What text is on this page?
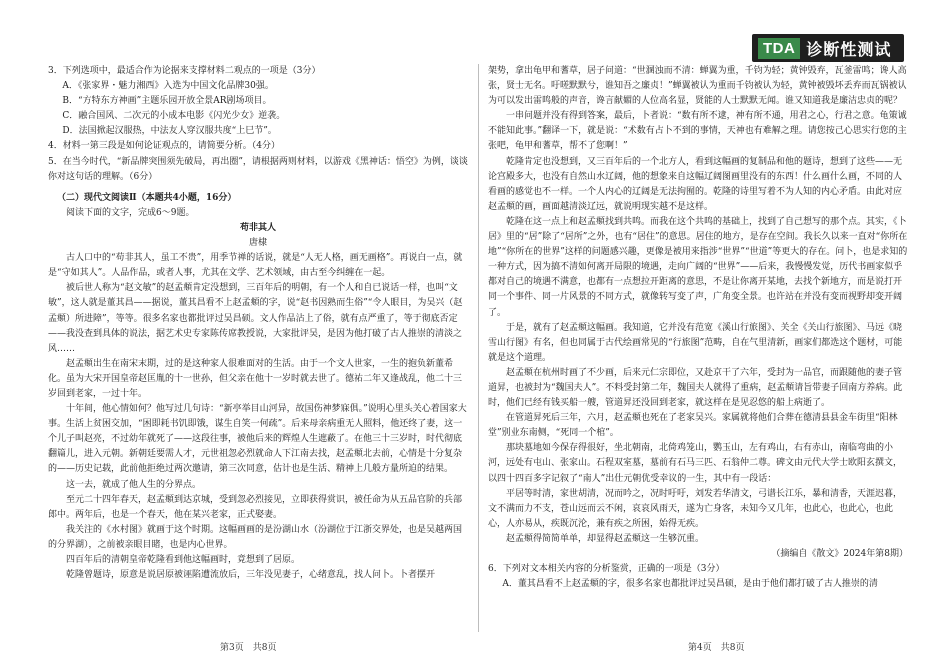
TDA 诊断性测试

3．下列选项中，最适合作为论据来支撑材料二观点的一项是（3分）

A．《张家界・魅力湘西》入选为中国文化品牌30强。

B．“方特东方神画”主题乐园开放全景AR剧场项目。

C．融合国风、二次元的小成本电影《闪光少女》逆袭。

D．法国掀起汉服热，中法友人穿汉服共度“上巳节”。

4．材料一第三段是如何论证观点的，请简要分析。（4分）

5．在当今时代，“新品牌突围须先破局，再出圈”，请根据两则材料，以游戏《黑神话：悟空》为例，谈谈你对这句话的理解。（6分）

（二）现代文阅读Ⅱ（本题共4小题，16分）

阅读下面的文字，完成6～9题。

苟非其人

唐棣

古人口中的“苟非其人，虽工不贵”，用季节禅的话说，就是“人无人格，画无画格”。再说白一点，就是“守如其人”。人品作品，或者人事，尤其在文学、艺术领域，由古至今纠缠在一起。

被后世人称为“赵文敏”的赵孟頫肯定没想到，三百年后的明朝，有一个人和自已说话一样，也叫“文敏”，这人就是董其昌——据说，董其昌看不上赵孟頫的字，说“赵书因熟而生俗”“令人眼目，为吴兴（赵孟頫）所进障”，等等。很多名家也都批评过吴昌硕。文人作品沾上了俗，就有点严重了，等于彻底否定——我没查到具体的说法，据艺术史专家陈传席教授说，大家批评吴，是因为他打破了古人推崇的清淡之风……

赵孟頫出生在南宋末期，过的是这种家人很难面对的生活。由于一个文人世家，一生的抱负新董希化。虽为大宋开国皇帝赵匡胤的十一世孙，但父亲在他十一岁时就去世了。德祐二年又逢战乱，他二十三岁回到老家，一过十年。

十年间，他心情如何？他写过几句诗：“新亭举目山河异，故国伤神梦寐俱。”说明心里头关心着国家大事。生活上贫困交加，“困即耗书饥即饿，谋生自笑一何疏”。后来母亲病重无人照料，他还终了妻，这一个儿子叫赵亮，不过幼年就死了——这段往事，被他后来的辉煌人生遮蔽了。在他三十三岁时，时代彻底翻篇儿，进入元朝。新朝廷要需人才，元世祖忽必烈就命人下江南去找，赵孟頫北去前，心情是十分复杂的——历史记载，此前他拒绝过两次邀请，第三次同意，估计也是生活、精神上几般方量所迫的结果。

这一去，就成了他人生的分界点。

至元二十四年春天，赵孟頫到达京城，受到忽必烈接见，立即获得赏识，被任命为从五品官阶的兵部郎中。两年后，也是一个春天，他在某兴老家，正式娶妻。

我关注的《水村图》就画于这个时期。这幅画画的是汾湖山水（汾湖位于江浙交界处，也是吴越两国的分界湖），之前被亲眼目睹，也是内心世界。

四百年后的清朝皇帝乾隆看到他这幅画时，竟想到了居原。

乾隆曾题诗，原意是说居原被诬陷遭流放后，三年没见妻子，心绪意乱，找人问卜。卜者摆开

架势，拿出龟甲和蓍草，居子问道：“世溷浊而不清：蝉翼为重，千钧为轻；黄钟毁弃，瓦釜雷鸣；谗人高张，贤士无名。吁嗟默默兮，谁知吾之廉贞！”蝉翼被认为重而千钧被认为轻，黄钟被毁坏丢弃而瓦锅被认为可以发出雷鸣般的声音，谗言献媚的人位高名显，贤能的人士默默无闻。谁又知道我是廉洁忠贞的呢？

一串问题并没有得到答案，最后，卜者说：“数有所不逮，神有所不通，用君之心，行君之意。龟策诚不能知此事。”翻译一下，就是说：“术数有占卜不到的事情，天神也有难解之理。请您按己心思实行您的主张吧，龟甲和蓍草，帮不了您啊！”

乾隆肯定也没想到，又三百年后的一个北方人，看到这幅画的复制品和他的题诗，想到了这些——无论宫殿多大，也没有自然山水辽阔，他的想象来自这幅辽阔图画里没有的东西！什么画什么画，不同的人看画的感觉也不一样。一个人内心的辽阔是无法拘囿的。乾隆的诗里写着不为人知的内心矛盾。由此对应赵孟頫的画，画面越清淡辽远，就说明现实越不是这样。

乾隆在这一点上和赵孟頫找到共鸣。而我在这个共鸣的基础上，找到了自己想写的那个点。其实，《卜居》里的“居”除了“居所”之外，也有“居住”的意思。居住的地方，是存在空间。我长久以来一直对“你所在地”“你所在的世界”这样的问题感兴趣，更像是被用来指涉“世界”“世道”等更大的存在。问卜，也是求知的一种方式，因为搞不清如何离开局限的境遇，走向广阔的“世界”——后来，我慢慢发觉，历代书画家似乎都对自己的境遇不满意，也都有一点想拉开距离的意思，不是让你离开某地，去找个新地方，而是说打开同一个事件、同一片风景的不同方式，就像转写变了声，广角变全景。也许站在并没有变而视野却变开阔了。

于是，就有了赵孟頫这幅画。我知道，它并没有范宽《溪山行旅图》、关全《关山行旅图》、马远《晓雪山行图》有名，但也同属于古代绘画常见的“行旅图”范畴，自在气里清新，画家们都选这个题材，可能就是这个道理。

赵孟頫在杭州时画了不少画，后来元仁宗即位，又赴京干了六年，受封为一品官，而跟随他的妻子管道昇，也被封为“魏国夫人”。不料受封第二年，魏国夫人就得了重病，赵孟頫请旨带妻子回南方养病。此时，他们已经有钱买船一艘，管道昇还没回到老家，就这样在是见忍悠的船上病逝了。

在管道昇死后三年，六月，赵孟頫也死在了老家吴兴。家属就将他们合葬在德清县县金车街里“阳林堂”别业东南侧，“死同一个棺”。

那块墓地如今保存得很好，坐北朝南，北倚鸡笼山，鹦玉山，左有鸡山，右有赤山，南临弯曲的小河，远处有屯山、张家山。石程双室墓，墓前有石马三匹、石翁仲二尊。碑文由元代大学士欧阳玄撰文，以四十四百多字记叙了“南人”出仕元朝优受幸议的一生，其中有一段话：

平居等时清，家世胡清，况而吟之，况时吁吁，刘发若华清文，弓谱长江乐，暴和清香，天涯迟暮，文不满而力不支，苍山远而云不闲，哀哀风雨天，遂为亡身客，未知今又几年，也此心，也此心，也此心，人亦易从，疾既沉沦，兼有疾之所困，始得无疾。

赵孟頫得简简单单，却显得赵孟頫这一生够沉重。

（摘编自《散文》2024年第8期）

6．下列对文本相关内容的分析鉴赏，正确的一项是（3分）

A．董其昌看不上赵孟頫的字，很多名家也都批评过吴昌硕，是由于他们都打破了古人推崇的清

第3页　共8页	第4页　共8页
